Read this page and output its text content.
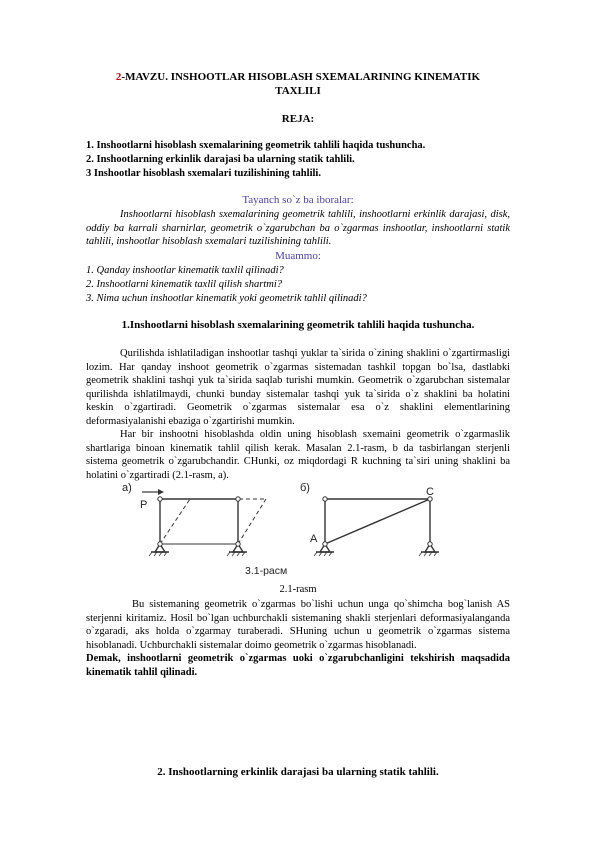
2-MAVZU. INSHOOTLAR HISOBLASH SXEMALARINING KINEMATIK
TAXLILI
REJA:
1. Inshootlarni hisoblash sxemalarining geometrik tahlili haqida tushuncha.
2. Inshootlarning erkinlik darajasi ba ularning statik tahlili.
3 Inshootlar hisoblash sxemalari tuzilishining tahlili.
Tayanch so`z ba iboralar:
Inshootlarni hisoblash sxemalarining geometrik tahlili, inshootlarni erkinlik darajasi, disk, oddiy ba karrali sharnirlar, geometrik o`zgarubchan ba o`zgarmas inshootlar, inshootlarni statik tahlili, inshootlar hisoblash sxemalari tuzilishining tahlili.
Muammo:
1. Qanday inshootlar kinematik taxlil qilinadi?
2. Inshootlarni kinematik taxlil qilish shartmi?
3. Nima uchun inshootlar kinematik yoki geometrik tahlil qilinadi?
1.Inshootlarni hisoblash sxemalarining geometrik tahlili haqida tushuncha.
Qurilishda ishlatiladigan inshootlar tashqi yuklar ta`sirida o`zining shaklini o`zgartirmasligi lozim. Har qanday inshoot geometrik o`zgarmas sistemadan tashkil topgan bo`lsa, dastlabki geometrik shaklini tashqi yuk ta`sirida saqlab turishi mumkin. Geometrik o`zgarubchan sistemalar qurilishda ishlatilmaydi, chunki bunday sistemalar tashqi yuk ta`sirida o`z shaklini ba holatini keskin o`zgartiradi. Geometrik o`zgarmas sistemalar esa o`z shaklini elementlarining deformasiyalanishi ebaziga o`zgartirishi mumkin.
Har bir inshootni hisoblashda oldin uning hisoblash sxemaini geometrik o`zgarmaslik shartlariga binoan kinematik tahlil qilish kerak. Masalan 2.1-rasm, b da tasbirlangan sterjenli sistema geometrik o`zgarubchandir. CHunki, oz miqdordagi R kuchning ta`siri uning shaklini ba holatini o`zgartiradi (2.1-rasm, a).
а)
P
б)
A
C
3.1-расм
2.1-rasm
Bu sistemaning geometrik o`zgarmas bo`lishi uchun unga qo`shimcha bog`lanish AS sterjenni kiritamiz. Hosil bo`lgan uchburchakli sistemaning shakli sterjenlari deformasiyalanganda o`zgaradi, aks holda o`zgarmay turaberadi. SHuning uchun u geometrik o`zgarmas sistema hisoblanadi. Uchburchakli sistemalar doimo geometrik o`zgarmas hisoblanadi.
Demak, inshootlarni geometrik o`zgarmas uoki o`zgarubchanligini tekshirish maqsadida kinematik tahlil qilinadi.
2. Inshootlarning erkinlik darajasi ba ularning statik tahlili.
